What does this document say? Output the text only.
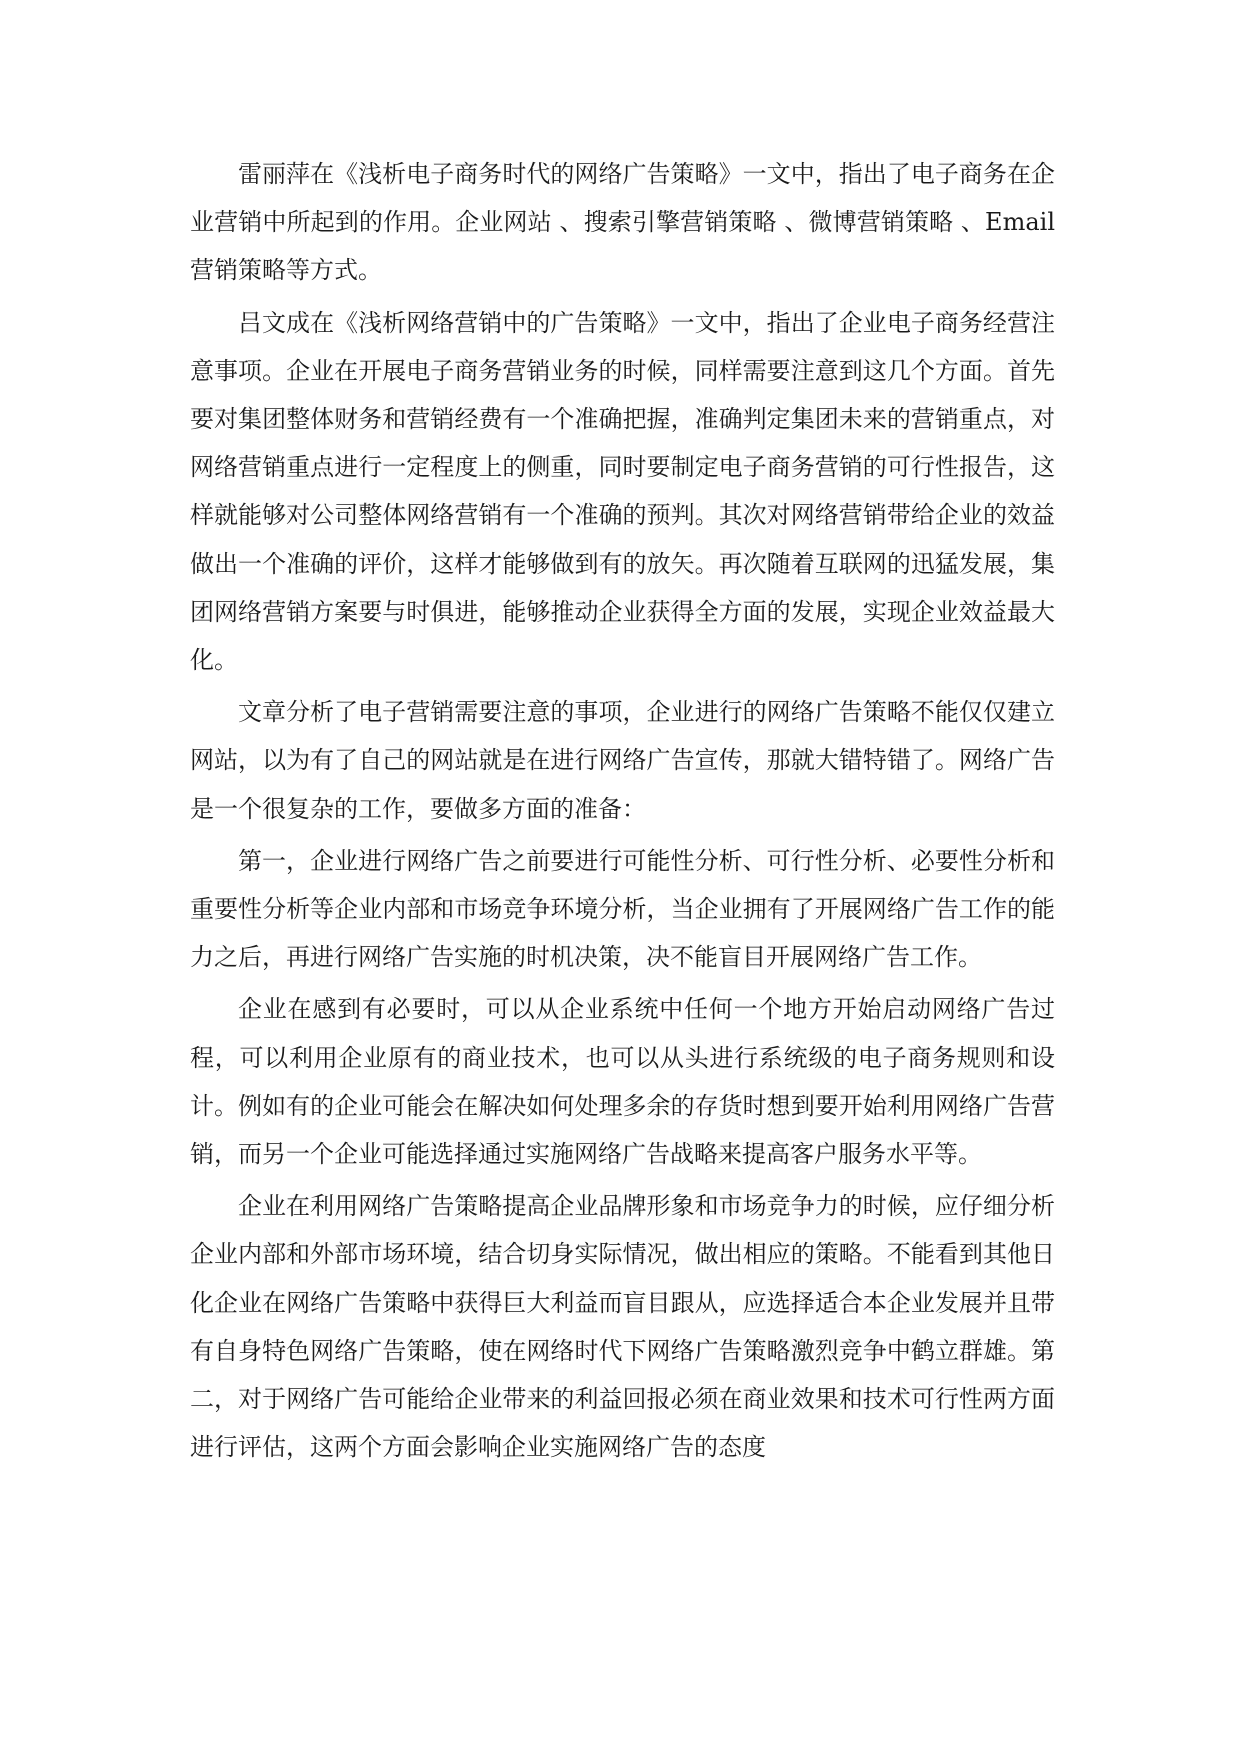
雷丽萍在《浅析电子商务时代的网络广告策略》一文中，指出了电子商务在企业营销中所起到的作用。企业网站 、搜索引擎营销策略 、微博营销策略 、Email营销策略等方式。

吕文成在《浅析网络营销中的广告策略》一文中，指出了企业电子商务经营注意事项。企业在开展电子商务营销业务的时候，同样需要注意到这几个方面。首先要对集团整体财务和营销经费有一个准确把握，准确判定集团未来的营销重点，对网络营销重点进行一定程度上的侧重，同时要制定电子商务营销的可行性报告，这样就能够对公司整体网络营销有一个准确的预判。其次对网络营销带给企业的效益做出一个准确的评价，这样才能够做到有的放矢。再次随着互联网的迅猛发展，集团网络营销方案要与时俱进，能够推动企业获得全方面的发展，实现企业效益最大化。

文章分析了电子营销需要注意的事项，企业进行的网络广告策略不能仅仅建立网站，以为有了自己的网站就是在进行网络广告宣传，那就大错特错了。网络广告是一个很复杂的工作，要做多方面的准备：

第一，企业进行网络广告之前要进行可能性分析、可行性分析、必要性分析和重要性分析等企业内部和市场竞争环境分析，当企业拥有了开展网络广告工作的能力之后，再进行网络广告实施的时机决策，决不能盲目开展网络广告工作。

企业在感到有必要时，可以从企业系统中任何一个地方开始启动网络广告过程，可以利用企业原有的商业技术，也可以从头进行系统级的电子商务规则和设计。例如有的企业可能会在解决如何处理多余的存货时想到要开始利用网络广告营销，而另一个企业可能选择通过实施网络广告战略来提高客户服务水平等。

企业在利用网络广告策略提高企业品牌形象和市场竞争力的时候，应仔细分析企业内部和外部市场环境，结合切身实际情况，做出相应的策略。不能看到其他日化企业在网络广告策略中获得巨大利益而盲目跟从，应选择适合本企业发展并且带有自身特色网络广告策略，使在网络时代下网络广告策略激烈竞争中鹤立群雄。第二，对于网络广告可能给企业带来的利益回报必须在商业效果和技术可行性两方面进行评估，这两个方面会影响企业实施网络广告的态度
